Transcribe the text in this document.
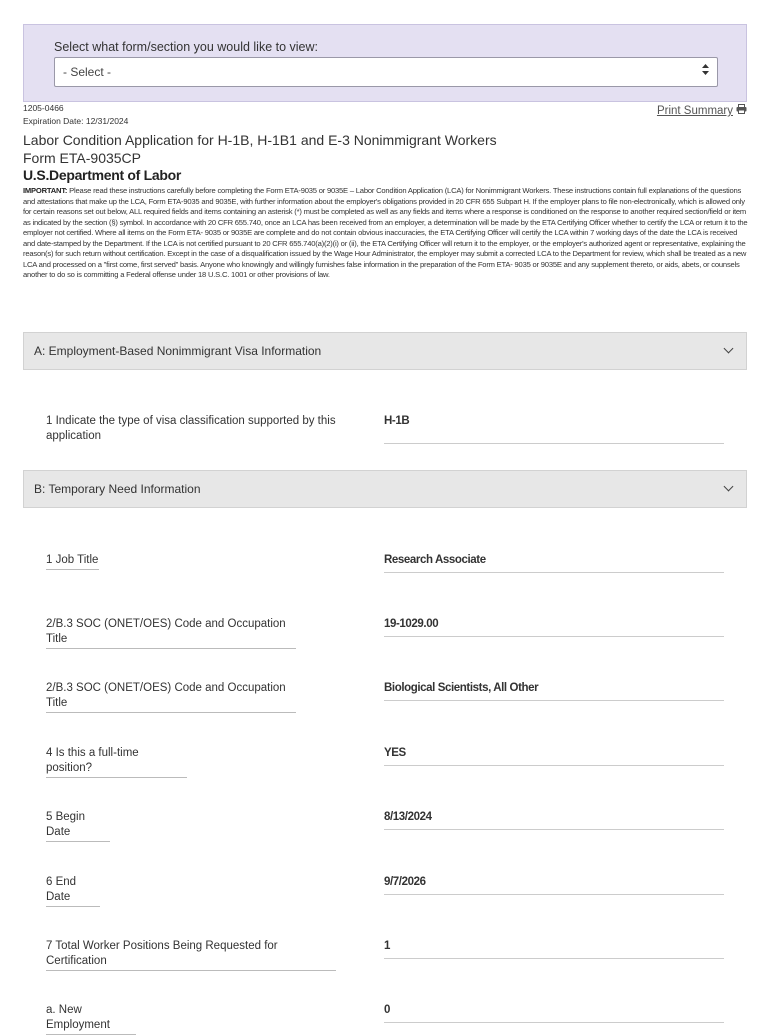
Select what form/section you would like to view:
- Select -
1205-0466
Expiration Date: 12/31/2024
Print Summary
Labor Condition Application for H-1B, H-1B1 and E-3 Nonimmigrant Workers
Form ETA-9035CP
U.S.Department of Labor
IMPORTANT: Please read these instructions carefully before completing the Form ETA-9035 or 9035E – Labor Condition Application (LCA) for Nonimmigrant Workers. These instructions contain full explanations of the questions and attestations that make up the LCA, Form ETA-9035 and 9035E, with further information about the employer's obligations provided in 20 CFR 655 Subpart H. If the employer plans to file non-electronically, which is allowed only for certain reasons set out below, ALL required fields and items containing an asterisk (*) must be completed as well as any fields and items where a response is conditioned on the response to another required section/field or item as indicated by the section (§) symbol. In accordance with 20 CFR 655.740, once an LCA has been received from an employer, a determination will be made by the ETA Certifying Officer whether to certify the LCA or return it to the employer not certified. Where all items on the Form ETA- 9035 or 9035E are complete and do not contain obvious inaccuracies, the ETA Certifying Officer will certify the LCA within 7 working days of the date the LCA is received and date-stamped by the Department. If the LCA is not certified pursuant to 20 CFR 655.740(a)(2)(i) or (ii), the ETA Certifying Officer will return it to the employer, or the employer's authorized agent or representative, explaining the reason(s) for such return without certification. Except in the case of a disqualification issued by the Wage Hour Administrator, the employer may submit a corrected LCA to the Department for review, which shall be treated as a new LCA and processed on a "first come, first served" basis. Anyone who knowingly and willingly furnishes false information in the preparation of the Form ETA- 9035 or 9035E and any supplement thereto, or aids, abets, or counsels another to do so is committing a Federal offense under 18 U.S.C. 1001 or other provisions of law.
A: Employment-Based Nonimmigrant Visa Information
1 Indicate the type of visa classification supported by this application
H-1B
B: Temporary Need Information
1 Job Title	Research Associate
2/B.3 SOC (ONET/OES) Code and Occupation Title
19-1029.00
2/B.3 SOC (ONET/OES) Code and Occupation Title
Biological Scientists, All Other
4 Is this a full-time position?
YES
5 Begin Date
8/13/2024
6 End Date
9/7/2026
7 Total Worker Positions Being Requested for Certification
1
a. New Employment
0
